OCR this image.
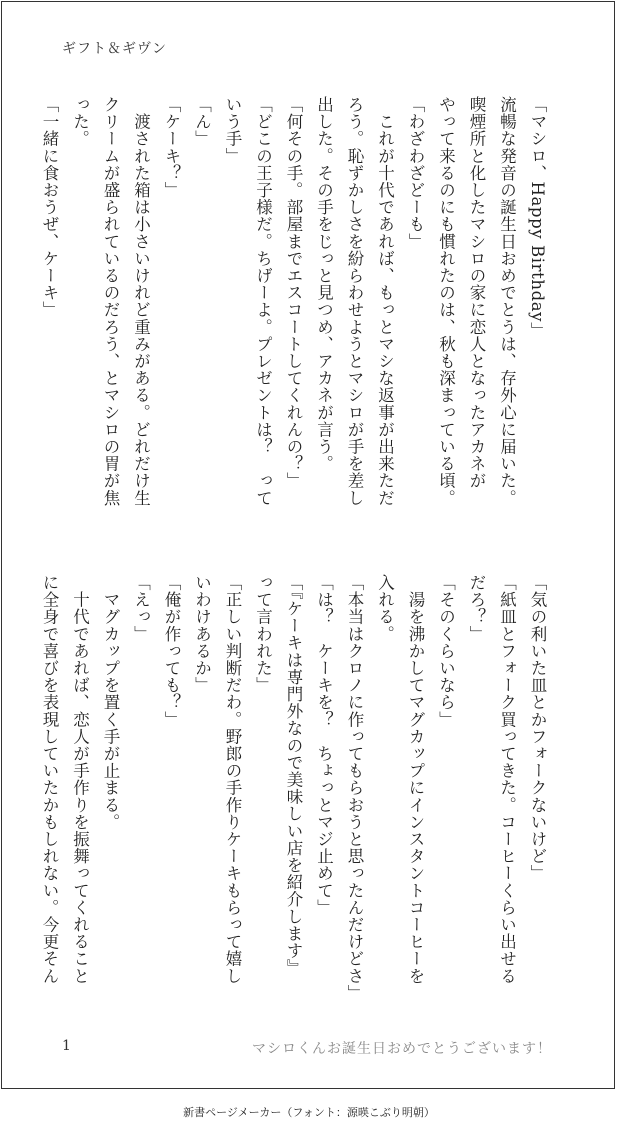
ギフト＆ギヴン

「マシロ、Happy Birthday」

流暢な発音の誕生日おめでとうは、存外心に届いた。

喫煙所と化したマシロの家に恋人となったアカネが

やって来るのにも慣れたのは、秋も深まっている頃。

「わざわざどーも」

　これが十代であれば、もっとマシな返事が出来ただ

ろう。恥ずかしさを紛らわせようとマシロが手を差し

出した。その手をじっと見つめ、アカネが言う。

「何その手。部屋までエスコートしてくれんの？」

「どこの王子様だ。ちげーよ。プレゼントは？　って

いう手」

「ん」

「ケーキ？」

　渡された箱は小さいけれど重みがある。どれだけ生

クリームが盛られているのだろう、とマシロの胃が焦

った。

「一緒に食おうぜ、ケーキ」

「気の利いた皿とかフォークないけど」

「紙皿とフォーク買ってきた。コーヒーくらい出せる

だろ？」

「そのくらいなら」

　湯を沸かしてマグカップにインスタントコーヒーを

入れる。

「本当はクロノに作ってもらおうと思ったんだけどさ」

「は？　ケーキを？　ちょっとマジ止めて」

「『ケーキは専門外なので美味しい店を紹介します』

って言われた」

「正しい判断だわ。野郎の手作りケーキもらって嬉し

いわけあるか」

「俺が作っても？」

「えっ」

　マグカップを置く手が止まる。

　十代であれば、恋人が手作りを振舞ってくれること

に全身で喜びを表現していたかもしれない。今更そん

1	マシロくんお誕生日おめでとうございます！
新書ページメーカー（フォント：源暎こぶり明朝）
